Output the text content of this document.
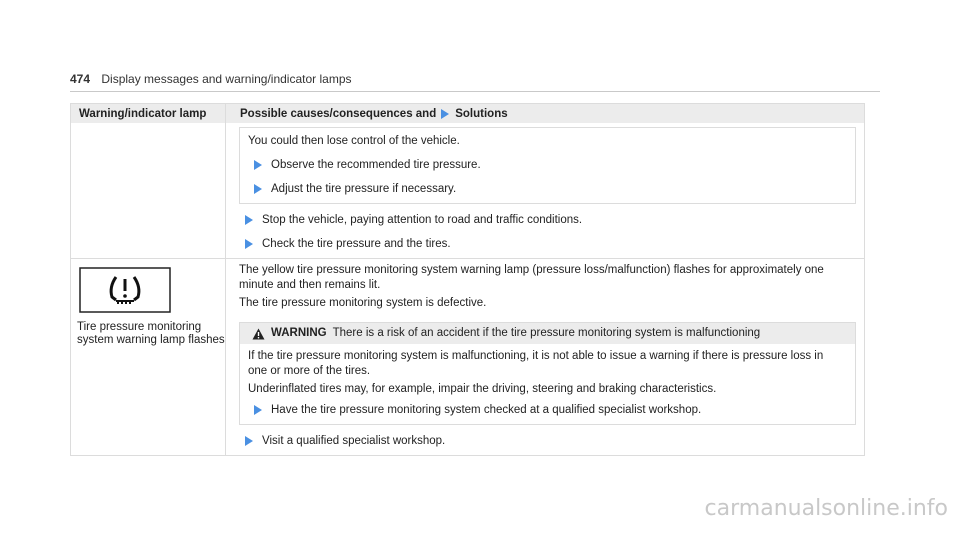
474 Display messages and warning/indicator lamps
Warning/indicator lamp	Possible causes/consequences and Solutions

You could then lose control of the vehicle.

Observe the recommended tire pressure.
Adjust the tire pressure if necessary.
Stop the vehicle, paying attention to road and traffic conditions.
Check the tire pressure and the tires.
Tire pressure monitoring system warning lamp flashes

The yellow tire pressure monitoring system warning lamp (pressure loss/malfunction) flashes for approximately one minute and then remains lit.

The tire pressure monitoring system is defective.

WARNING There is a risk of an accident if the tire pressure monitoring system is malfunctioning

If the tire pressure monitoring system is malfunctioning, it is not able to issue a warning if there is pressure loss in one or more of the tires.

Underinflated tires may, for example, impair the driving, steering and braking characteristics.

Have the tire pressure monitoring system checked at a qualified specialist workshop.
Visit a qualified specialist workshop.
carmanualsonline.info
